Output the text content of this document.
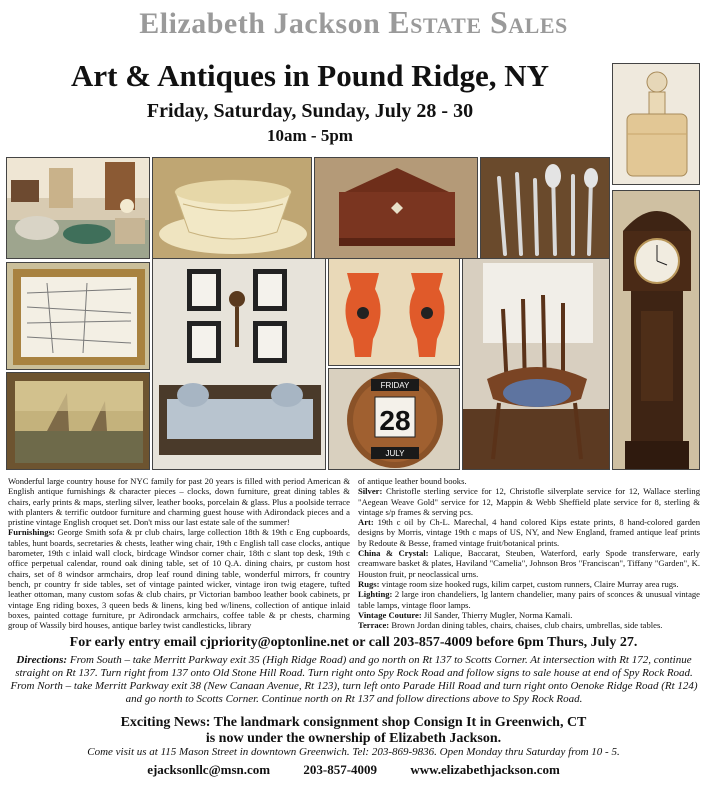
Elizabeth Jackson Estate Sales
Art & Antiques in Pound Ridge, NY
Friday, Saturday, Sunday, July 28 - 30
10am - 5pm
FRIDAY
28
JULY

Wonderful large country house for NYC family for past 20 years is filled with period American & English antique furnishings & character pieces – clocks, down furniture, great dining tables & chairs, early prints & maps, sterling silver, leather books, porcelain & glass. Plus a poolside terrace with planters & terrific outdoor furniture and charming guest house with Adirondack pieces and a pristine vintage English croquet set. Don't miss our last estate sale of the summer!

Furnishings: George Smith sofa & pr club chairs, large collection 18th & 19th c Eng cupboards, tables, hunt boards, secretaries & chests, leather wing chair, 19th c English tall case clocks, antique barometer, 19th c inlaid wall clock, birdcage Windsor corner chair, 18th c slant top desk, 19th c office perpetual calendar, round oak dining table, set of 10 Q.A. dining chairs, pr custom host chairs, set of 8 windsor armchairs, drop leaf round dining table, wonderful mirrors, fr country bench, pr country fr side tables, set of vintage painted wicker, vintage iron twig etagere, tufted leather ottoman, many custom sofas & club chairs, pr Victorian bamboo leather book cabinets, pr vintage Eng riding boxes, 3 queen beds & linens, king bed w/linens, collection of antique inlaid boxes, painted cottage furniture, pr Adirondack armchairs, coffee table & pr chests, charming group of Wassily bird houses, antique barley twist candlesticks, library

of antique leather bound books.

Silver: Christofle sterling service for 12, Christofle silverplate service for 12, Wallace sterling "Aegean Weave Gold" service for 12, Mappin & Webb Sheffield plate service for 8, sterling & vintage s/p frames & serving pcs.

Art: 19th c oil by Ch-L. Marechal, 4 hand colored Kips estate prints, 8 hand-colored garden designs by Morris, vintage 19th c maps of US, NY, and New England, framed antique leaf prints by Redoute & Besse, framed vintage fruit/botanical prints.

China & Crystal: Lalique, Baccarat, Steuben, Waterford, early Spode transferware, early creamware basket & plates, Haviland "Camelia", Johnson Bros "Franciscan", Tiffany "Garden", K. Houston fruit, pr neoclassical urns.

Rugs: vintage room size hooked rugs, kilim carpet, custom runners, Claire Murray area rugs.

Lighting: 2 large iron chandeliers, lg lantern chandelier, many pairs of sconces & unusual vintage table lamps, vintage floor lamps.

Vintage Couture: Jil Sander, Thierry Mugler, Norma Kamali.

Terrace: Brown Jordan dining tables, chairs, chaises, club chairs, umbrellas, side tables.

For early entry email cjpriority@optonline.net or call 203-857-4009 before 6pm Thurs, July 27.
Directions: From South – take Merritt Parkway exit 35 (High Ridge Road) and go north on Rt 137 to Scotts Corner. At intersection with Rt 172, continue straight on Rt 137. Turn right from 137 onto Old Stone Hill Road. Turn right onto Spy Rock Road and follow signs to sale house at end of Spy Rock Road. From North – take Merritt Parkway exit 38 (New Canaan Avenue, Rt 123), turn left onto Parade Hill Road and turn right onto Oenoke Ridge Road (Rt 124) and go north to Scotts Corner. Continue north on Rt 137 and follow directions above to Spy Rock Road.
Exciting News: The landmark consignment shop Consign It in Greenwich, CT
is now under the ownership of Elizabeth Jackson.
Come visit us at 115 Mason Street in downtown Greenwich. Tel: 203-869-9836. Open Monday thru Saturday from 10 - 5.
ejacksonllc@msn.com	203-857-4009	www.elizabethjackson.com
